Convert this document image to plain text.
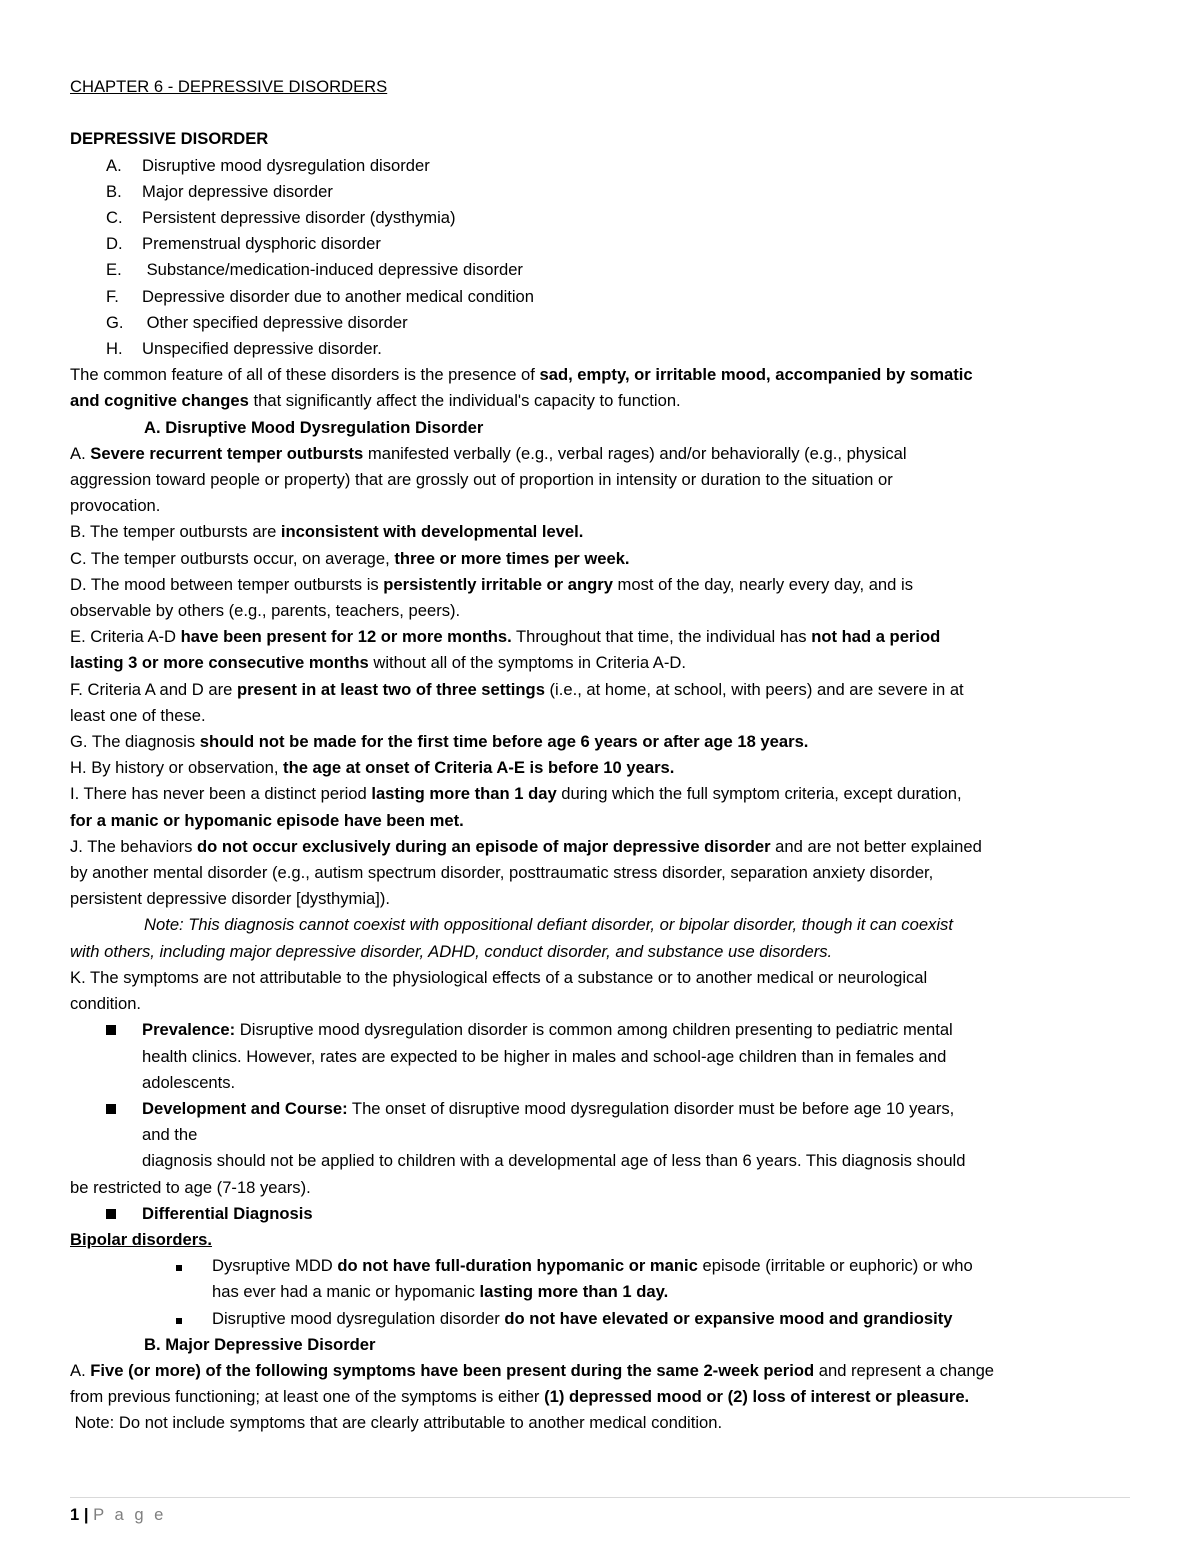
CHAPTER 6 - DEPRESSIVE DISORDERS

DEPRESSIVE DISORDER

A.	Disruptive mood dysregulation disorder
B.	Major depressive disorder
C.	Persistent depressive disorder (dysthymia)
D.	Premenstrual dysphoric disorder
E.	Substance/medication-induced depressive disorder
F.	Depressive disorder due to another medical condition
G.	Other specified depressive disorder
H.	Unspecified depressive disorder.

The common feature of all of these disorders is the presence of sad, empty, or irritable mood, accompanied by somatic

and cognitive changes that significantly affect the individual's capacity to function.

A. Disruptive Mood Dysregulation Disorder

A. Severe recurrent temper outbursts manifested verbally (e.g., verbal rages) and/or behaviorally (e.g., physical

aggression toward people or property) that are grossly out of proportion in intensity or duration to the situation or

provocation.

B. The temper outbursts are inconsistent with developmental level.

C. The temper outbursts occur, on average, three or more times per week.

D. The mood between temper outbursts is persistently irritable or angry most of the day, nearly every day, and is

observable by others (e.g., parents, teachers, peers).

E. Criteria A-D have been present for 12 or more months. Throughout that time, the individual has not had a period

lasting 3 or more consecutive months without all of the symptoms in Criteria A-D.

F. Criteria A and D are present in at least two of three settings (i.e., at home, at school, with peers) and are severe in at

least one of these.

G. The diagnosis should not be made for the first time before age 6 years or after age 18 years.

H. By history or observation, the age at onset of Criteria A-E is before 10 years.

I. There has never been a distinct period lasting more than 1 day during which the full symptom criteria, except duration,

for a manic or hypomanic episode have been met.

J. The behaviors do not occur exclusively during an episode of major depressive disorder and are not better explained

by another mental disorder (e.g., autism spectrum disorder, posttraumatic stress disorder, separation anxiety disorder,

persistent depressive disorder [dysthymia]).

Note: This diagnosis cannot coexist with oppositional defiant disorder, or bipolar disorder, though it can coexist

with others, including major depressive disorder, ADHD, conduct disorder, and substance use disorders.

K. The symptoms are not attributable to the physiological effects of a substance or to another medical or neurological

condition.

Prevalence: Disruptive mood dysregulation disorder is common among children presenting to pediatric mental

health clinics. However, rates are expected to be higher in males and school-age children than in females and

adolescents.

Development and Course: The onset of disruptive mood dysregulation disorder must be before age 10 years,

and the

diagnosis should not be applied to children with a developmental age of less than 6 years. This diagnosis should

be restricted to age (7-18 years).

Differential Diagnosis

Bipolar disorders.

Dysruptive MDD do not have full-duration hypomanic or manic episode (irritable or euphoric) or who

has ever had a manic or hypomanic lasting more than 1 day.

Disruptive mood dysregulation disorder do not have elevated or expansive mood and grandiosity

B. Major Depressive Disorder

A. Five (or more) of the following symptoms have been present during the same 2-week period and represent a change

from previous functioning; at least one of the symptoms is either (1) depressed mood or (2) loss of interest or pleasure.

Note: Do not include symptoms that are clearly attributable to another medical condition.

1 | P a g e
